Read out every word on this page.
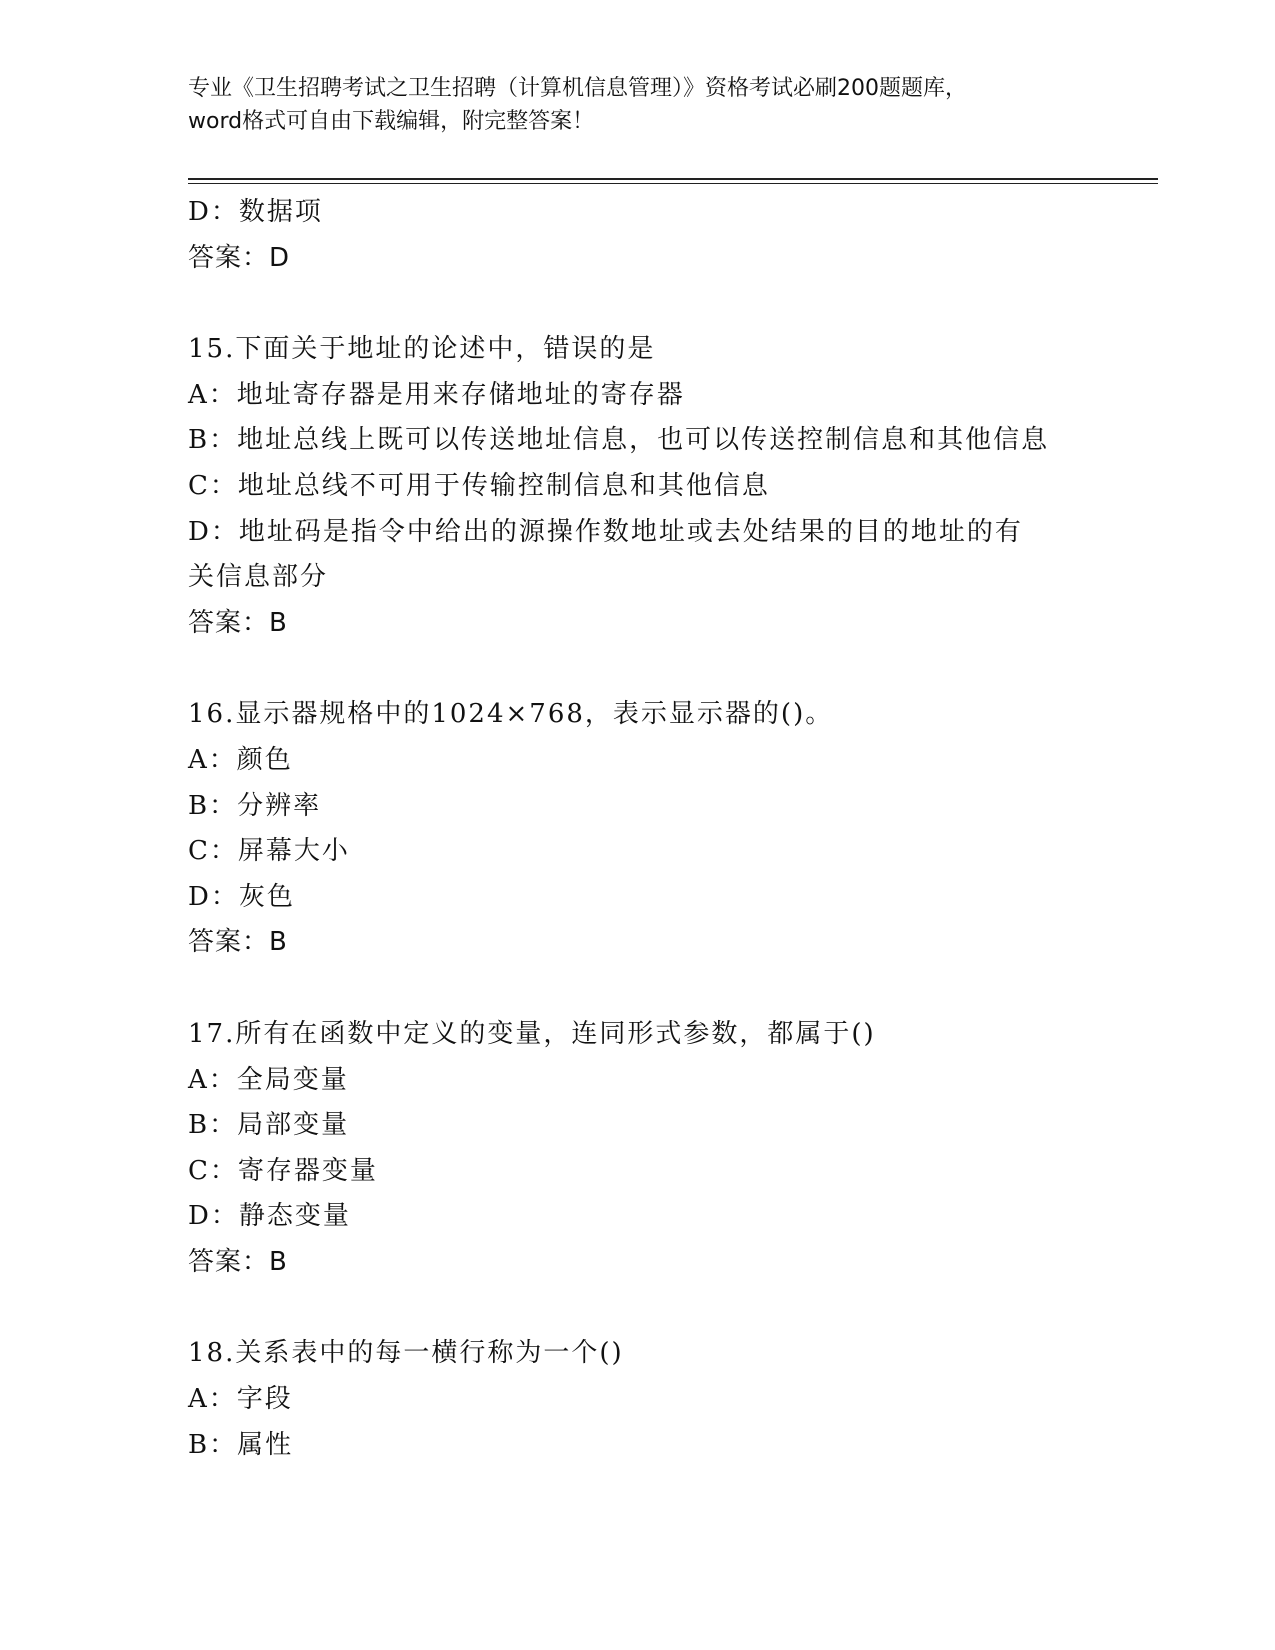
专业《卫生招聘考试之卫生招聘（计算机信息管理）》资格考试必刷200题题库，
word格式可自由下载编辑，附完整答案！
D：数据项
答案：D
15.下面关于地址的论述中，错误的是
A：地址寄存器是用来存储地址的寄存器
B：地址总线上既可以传送地址信息，也可以传送控制信息和其他信息
C：地址总线不可用于传输控制信息和其他信息
D：地址码是指令中给出的源操作数地址或去处结果的目的地址的有关信息部分
答案：B
16.显示器规格中的1024×768，表示显示器的()。
A：颜色
B：分辨率
C：屏幕大小
D：灰色
答案：B
17.所有在函数中定义的变量，连同形式参数，都属于()
A：全局变量
B：局部变量
C：寄存器变量
D：静态变量
答案：B
18.关系表中的每一横行称为一个()
A：字段
B：属性
